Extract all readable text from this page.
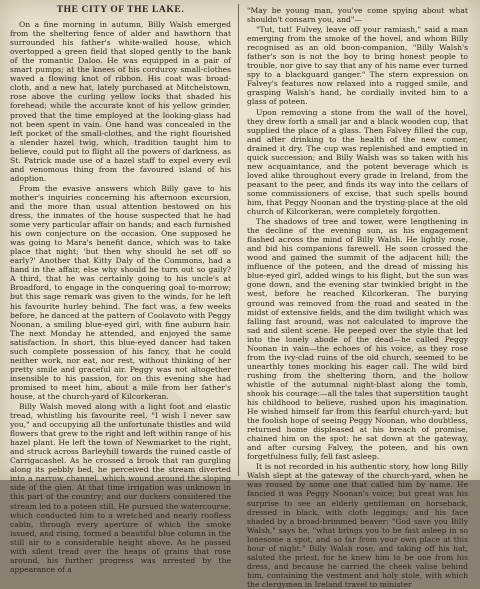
THE CITY OF THE LAKE.

On a fine morning in autumn, Billy Walsh emerged from the sheltering fence of alder and hawthorn that surrounded his father's white-walled house, which overtopped a green field that sloped gently to the bank of the romantic Daloo. He was equipped in a pair of smart pumps; at the knees of his corduroy small-clothes waved a flowing knot of ribbon. His coat was broad-cloth, and a new hat, lately purchased at Mitchelstown, rose above the curling yellow locks that shaded his forehead; while the accurate knot of his yellow grinder, proved that the time employed at the looking-glass had not been spent in vain. One hand was concealed in the left pocket of the small-clothes, and the right flourished a slender hazel twig, which, tradition taught him to believe, could put to flight all the powers of darkness, as St. Patrick made use of a hazel staff to expel every evil and venomous thing from the favoured island of his adoption.

From the evasive answers which Billy gave to his mother's inquiries concerning his afternoon excursion, and the more than usual attention bestowed on his dress, the inmates of the house suspected that he had some very particular affair on hands; and each furnished his own conjecture on the occasion. One supposed he was going to Mara's benefit dance, which was to take place that night; 'but then why should he set off so early?' Another that Kitty Daly of the Commons, had a hand in the affair, else why should he turn out so gaily? A third, that he was certainly going to his uncle's at Broadford, to engage in the conquering goal to-morrow; but this sage remark was given to the winds, for he left his favourite hurley behind. The fact was, a few weeks before, he danced at the pattern of Coolavoto with Peggy Noonan, a smiling blue-eyed girl, with fine auburn hair. The next Monday he attended, and enjoyed the same satisfaction. In short, this blue-eyed dancer had taken such complete possession of his fancy, that he could neither work, nor eat, nor rest, without thinking of her pretty smile and graceful air. Peggy was not altogether insensible to his passion, for on this evening she had promised to meet him, about a mile from her father's house, at the church-yard of Kilcorkeran.

Billy Walsh moved along with a light foot and elastic tread, whistling his favourite reel, "I wish I never saw you," and occupying all the unfortunate thistles and wild flowers that grew to the right and left within range of his hazel plant. He left the town of Newmarket to the right, and struck across Barleyhill towards the ruined castle of Carrigacashel. As he crossed a brook that ran gurgling along its pebbly bed, he perceived the stream diverted into a narrow channel, which wound around the sloping side of the glen. At that time irrigation was unknown in this part of the country; and our duckers considered the stream led to a poteen still. He pursued the watercourse, which conducted him to a wretched and nearly roofless cabin, through every aperture of which the smoke issued, and rising, formed a beautiful blue column in the still air to a considerable height above. As he passed with silent tread over the heaps of grains that rose around, his further progress was arrested by the appearance of a

"May be young man, you've come spying about what shouldn't consarn you, and"—

"Tut, tut! Fulvey, leave off your ramiash," said a man emerging from the smoke of the hovel, and whom Billy recognised as an old boon-companion, "Billy Walsh's father's son is not the boy to bring honest people to trouble, nor give to say that any of his name ever turned spy to a blackguard ganger." The stern expression on Falvey's features now relaxed into a rugged smile, and grasping Walsh's hand, he cordially invited him to a glass of poteen.

Upon removing a stone from the wall of the hovel, they drew forth a small jar and a black wooden cup, that supplied the place of a glass. Then Falvey filled the cup, and after drinking to the health of the new comer, drained it dry. The cup was replenished and emptied in quick succession; and Billy Walsh was so taken with his new acquaintance, and the potent beverage which is loved alike throughout every grade in Ireland, from the peasant to the peer, and finds its way into the cellars of some commissioners of excise, that such spells bound him, that Peggy Noonan and the trysting-place at the old church of Kilcorkeran, were completely forgotten.

The shadows of tree and tower, were lengthening in the decline of the evening sun, as his engagement flashed across the mind of Billy Walsh. He lightly rose, and bid his companions farewell. He soon crossed the wood and gained the summit of the adjacent hill; the influence of the poteen, and the dread of missing his blue-eyed girl, added wings to his flight, but the sun was gone down, and the evening star twinkled bright in the west, before he reached Kilcorkeran. The burying ground was removed from the road and seated in the midst of extensive fields, and the dim twilight which was falling fast around, was not calculated to improve the sad and silent scene. He peeped over the style that led into the lonely abode of the dead—he called Peggy Noonan in vain—the echoes of his voice, as they rose from the ivy-clad ruins of the old church, seemed to be unearthly tones mocking his eager call. The wild bird rushing from the sheltering thorn, and the hollow whistle of the autumnal night-blast along the tomb, shook his courage:—all the tales that superstition taught his childhood to believe, rushed upon his imagination. He wished himself far from this fearful church-yard; but the foolish hope of seeing Peggy Noonan, who doubtless, returned home displeased at his breach of promise, chained him on the spot: he sat down at the gateway, and after cursing Falvey, the poteen, and his own forgetfulness fully, fell fast asleep.

It is not recorded in his authentic story, how long Billy Walsh slept at the gateway of the church-yard, when he was roused by some one that called him by name. He fancied it was Peggy Noonan's voice; but great was his surprise to see an elderly gentleman on horseback, dressed in black, with cloth leggings; and his face shaded by a broad-brimmed beaver: "God save you Billy Walsh," says he, "what brings you to be fast asleep in so lonesome a spot, and so far from your own place at this hour of night." Billy Walsh rose, and taking off his hat, saluted the priest, for he knew him to be one from his dress, and because he carried the cheek valise behind him, containing the vestment and holy stole, with which the clergymen in Ireland travel to minister
